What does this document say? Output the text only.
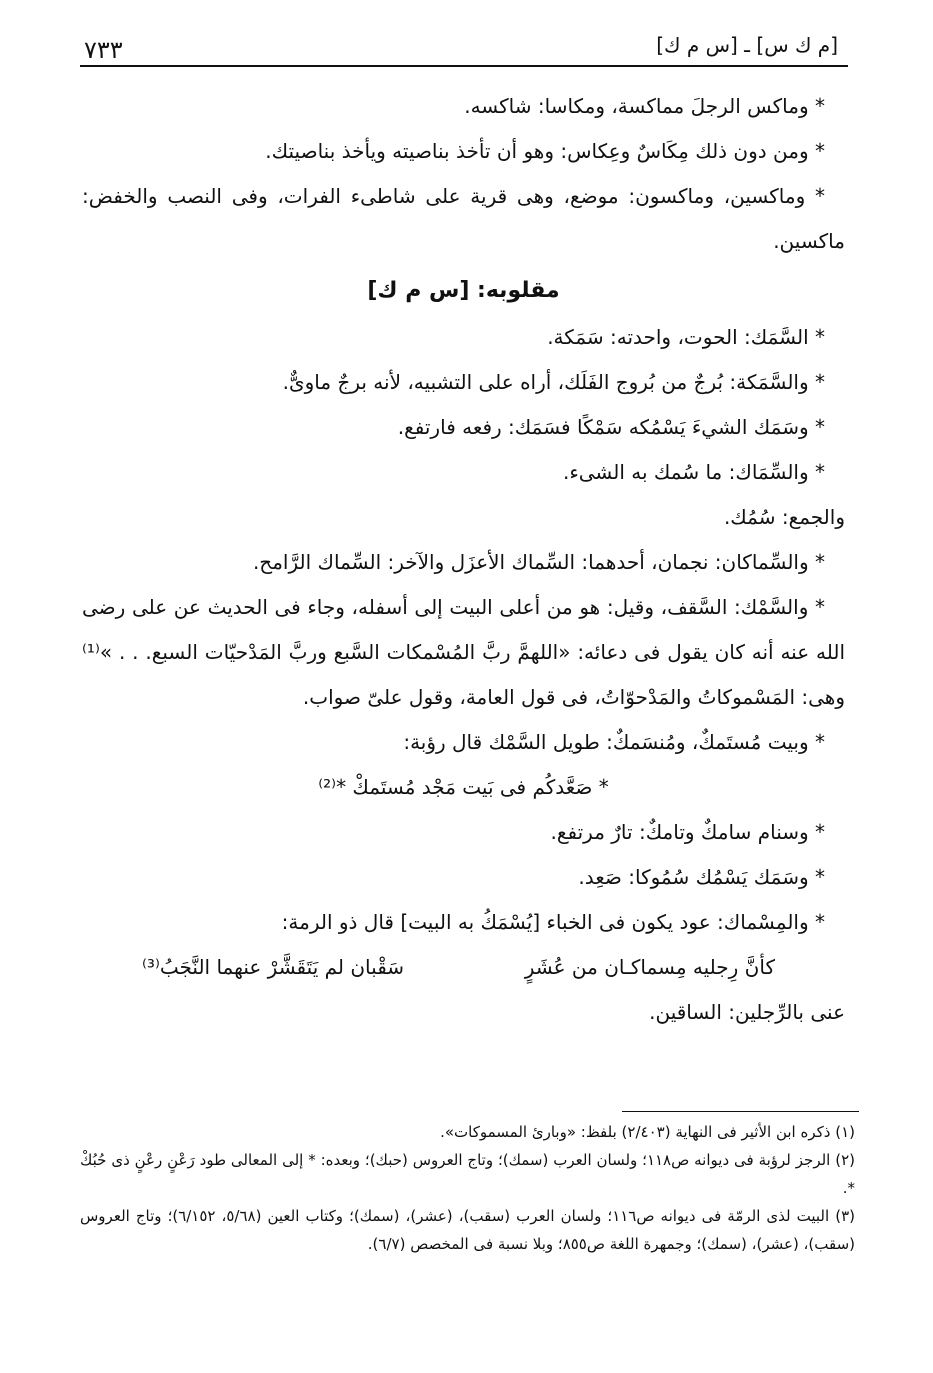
٧٣٣	[م ك س] ـ [س م ك]

* وماكس الرجلَ مماكسة، ومكاسا: شاكسه.

* ومن دون ذلك مِكَاسٌ وعِكاس: وهو أن تأخذ بناصيته ويأخذ بناصيتك.

* وماكسين، وماكسون: موضع، وهى قرية على شاطىء الفرات، وفى النصب والخفض: ماكسين.

مقلوبه: [س م ك]

* السَّمَك: الحوت، واحدته: سَمَكة.

* والسَّمَكة: بُرجٌ من بُروج الفَلَك، أراه على التشبيه، لأنه برجٌ ماوىٌّ.

* وسَمَك الشيءَ يَسْمُكه سَمْكًا فسَمَك: رفعه فارتفع.

* والسِّمَاك: ما سُمك به الشىء.

والجمع: سُمُك.

* والسِّماكان: نجمان، أحدهما: السِّماك الأعزَل والآخر: السِّماك الرَّامح.

* والسَّمْك: السَّقف، وقيل: هو من أعلى البيت إلى أسفله، وجاء فى الحديث عن على رضى الله عنه أنه كان يقول فى دعائه: «اللهمَّ ربَّ المُسْمكات السَّبع وربَّ المَدْحيّات السبع. . . »⁽¹⁾ وهى: المَسْموكاتُ والمَدْحوّاتُ، فى قول العامة، وقول علىّ صواب.

* وبيت مُستَمكٌ، ومُنسَمكٌ: طويل السَّمْك قال رؤبة:

* صَعَّدكُم فى بَيت مَجْد مُستَمكْ *⁽²⁾

* وسنام سامكٌ وتامكٌ: تارٌ مرتفع.

* وسَمَك يَسْمُك سُمُوكا: صَعِد.

* والمِسْماك: عود يكون فى الخباء [يُسْمَكُ به البيت] قال ذو الرمة:

كأنَّ رِجليه مِسماكـان من عُشَرٍ
سَقْبان لم يَتَقَشَّرْ عنهما النَّجَبُ⁽³⁾

عنى بالرِّجلين: الساقين.

(١) ذكره ابن الأثير فى النهاية (٢/٤٠٣) بلفظ: «وبارئ المسموكات».

(٢) الرجز لرؤبة فى ديوانه ص١١٨؛ ولسان العرب (سمك)؛ وتاج العروس (حبك)؛ وبعده: * إلى المعالى طود رَعْنٍ رعْنٍ ذى حُبُكْ *.

(٣) البيت لذى الرمّة فى ديوانه ص١١٦؛ ولسان العرب (سقب)، (عشر)، (سمك)؛ وكتاب العين (٥/٦٨، ٦/١٥٢)؛ وتاج العروس (سقب)، (عشر)، (سمك)؛ وجمهرة اللغة ص٨٥٥؛ وبلا نسبة فى المخصص (٦/٧).
